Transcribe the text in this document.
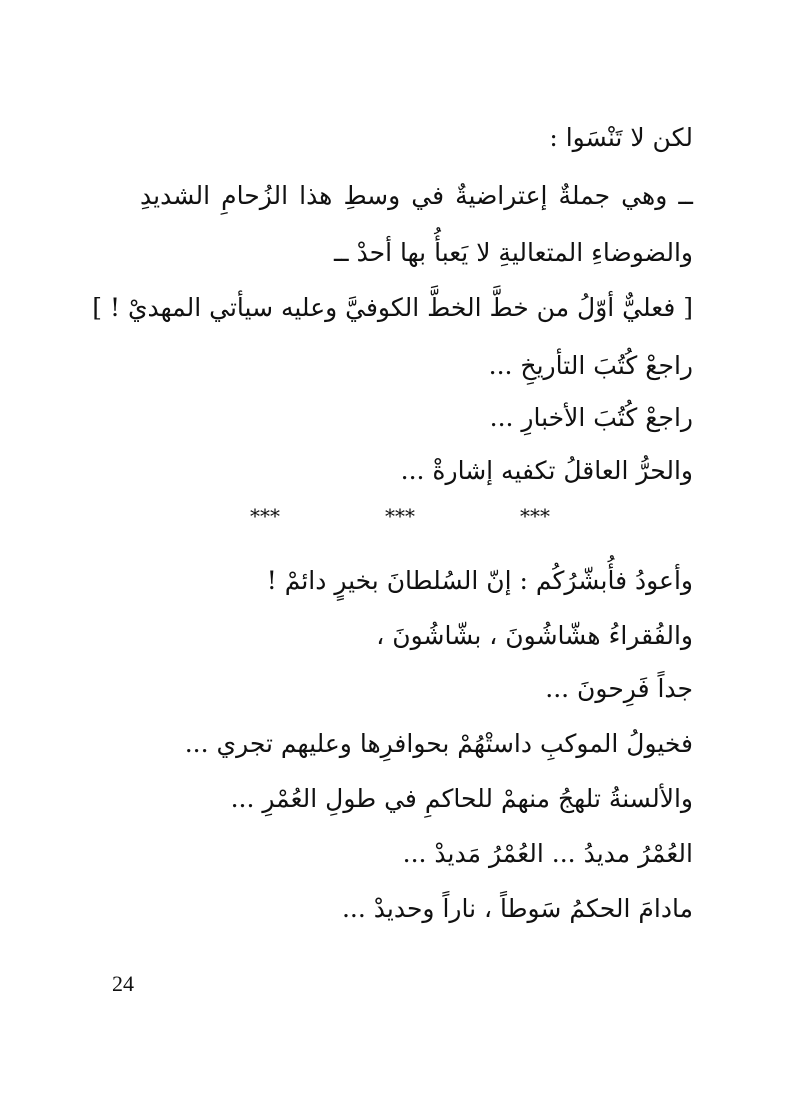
لكن لا تَنْسَوا :
ــ وهي جملةٌ إعتراضيةٌ في وسطِ هذا الزُحامِ الشديدِ
والضوضاءِ المتعاليةِ لا يَعبأُ بها أحدْ ــ
[ فعليٌّ أوّلُ من خطَّ الخطَّ الكوفيَّ وعليه سيأتي المهديْ ! ]
راجعْ كُتُبَ التأريخِ ...
راجعْ كُتُبَ الأخبارِ ...
والحرُّ العاقلُ تكفيه إشارةْ ...
***	***	***
وأعودُ فأُبشّرُكُم : إنّ السُلطانَ بخيرٍ دائمْ !
والفُقراءُ هشّاشُونَ ، بشّاشُونَ ،
جداً فَرِحونَ ...
فخيولُ الموكبِ داستْهُمْ بحوافرِها وعليهم تجري ...
والألسنةُ تلهجُ منهمْ للحاكمِ في طولِ العُمْرِ ...
العُمْرُ مديدُ ... العُمْرُ مَديدْ ...
مادامَ الحكمُ سَوطاً ، ناراً وحديدْ ...
24
